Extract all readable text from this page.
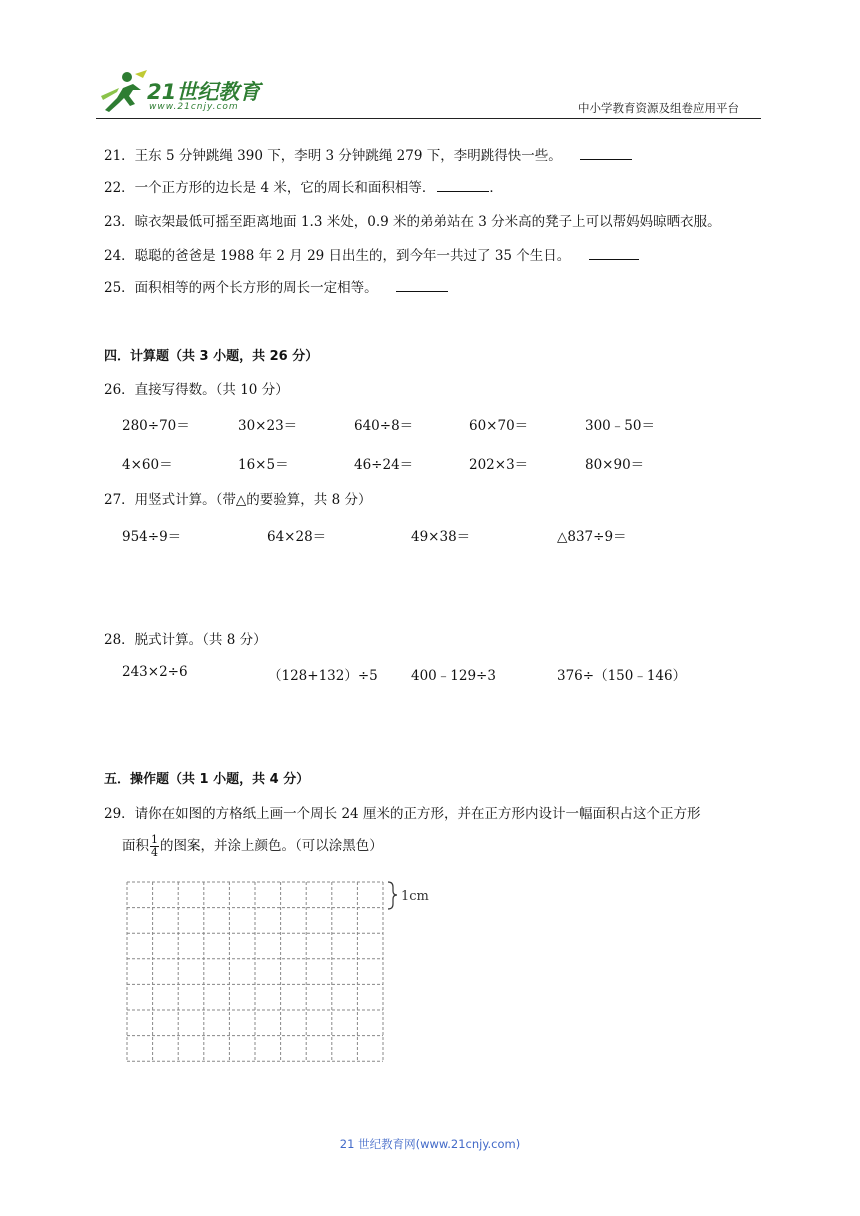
21世纪教育
www.21cnjy.com	中小学教育资源及组卷应用平台
21．王东 5 分钟跳绳 390 下，李明 3 分钟跳绳 279 下，李明跳得快一些。
22．一个正方形的边长是 4 米，它的周长和面积相等．	．
23．晾衣架最低可摇至距离地面 1.3 米处，0.9 米的弟弟站在 3 分米高的凳子上可以帮妈妈晾晒衣服。
24．聪聪的爸爸是 1988 年 2 月 29 日出生的，到今年一共过了 35 个生日。
25．面积相等的两个长方形的周长一定相等。
四．计算题（共 3 小题，共 26 分）
26．直接写得数。（共 10 分）
280÷70＝	30×23＝	640÷8＝	60×70＝	300﹣50＝
4×60＝	16×5＝	46÷24＝	202×3＝	80×90＝
27．用竖式计算。（带△的要验算，共 8 分）
954÷9＝	64×28＝	49×38＝	△837÷9＝
28．脱式计算。（共 8 分）
243×2÷6	（128+132）÷5 400﹣129÷3	376÷（150﹣146）
五．操作题（共 1 小题，共 4 分）
29．请你在如图的方格纸上画一个周长 24 厘米的正方形，并在正方形内设计一幅面积占这个正方形
面积 $\frac{1}{4}$ 的图案，并涂上颜色。（可以涂黑色）
1cm
21 世纪教育网(www.21cnjy.com)
